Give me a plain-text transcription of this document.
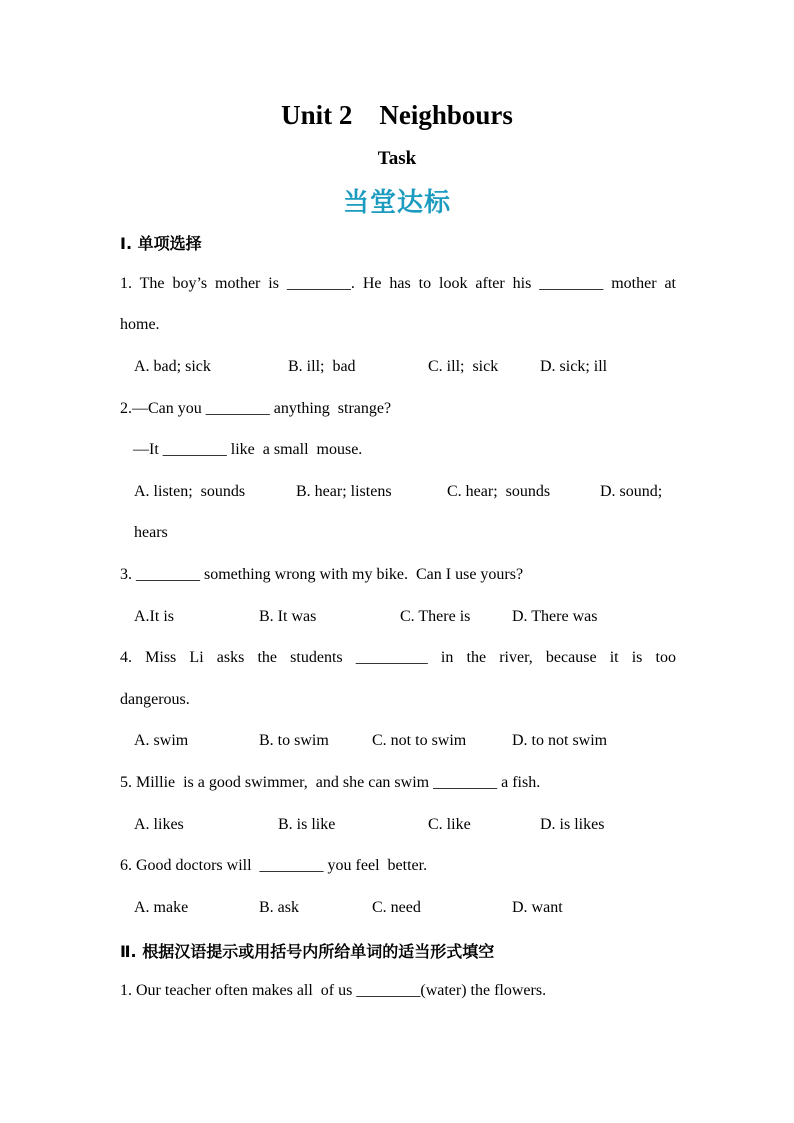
Unit 2    Neighbours
Task
当堂达标
Ⅰ. 单项选择
1. The boy’s mother is ________. He has to look after his ________ mother at
home.
A. bad; sick	B. ill;  bad	C. ill;  sick	D. sick; ill
2.—Can you ________ anything  strange?
—It ________ like  a small  mouse.
A. listen;  sounds	B. hear; listens	C. hear;  sounds	D. sound;
hears
3. ________ something wrong with my bike.  Can I use yours?
A.It is	B. It was	C. There is	D. There was
4. Miss Li asks the students _________ in the river, because it is too
dangerous.
A. swim	B. to swim	C. not to swim	D. to not swim
5. Millie  is a good swimmer,  and she can swim ________ a fish.
A. likes	B. is like	C. like	D. is likes
6. Good doctors will  ________ you feel  better.
A. make	B. ask	C. need	D. want
Ⅱ. 根据汉语提示或用括号内所给单词的适当形式填空
1. Our teacher often makes all  of us ________(water) the flowers.
